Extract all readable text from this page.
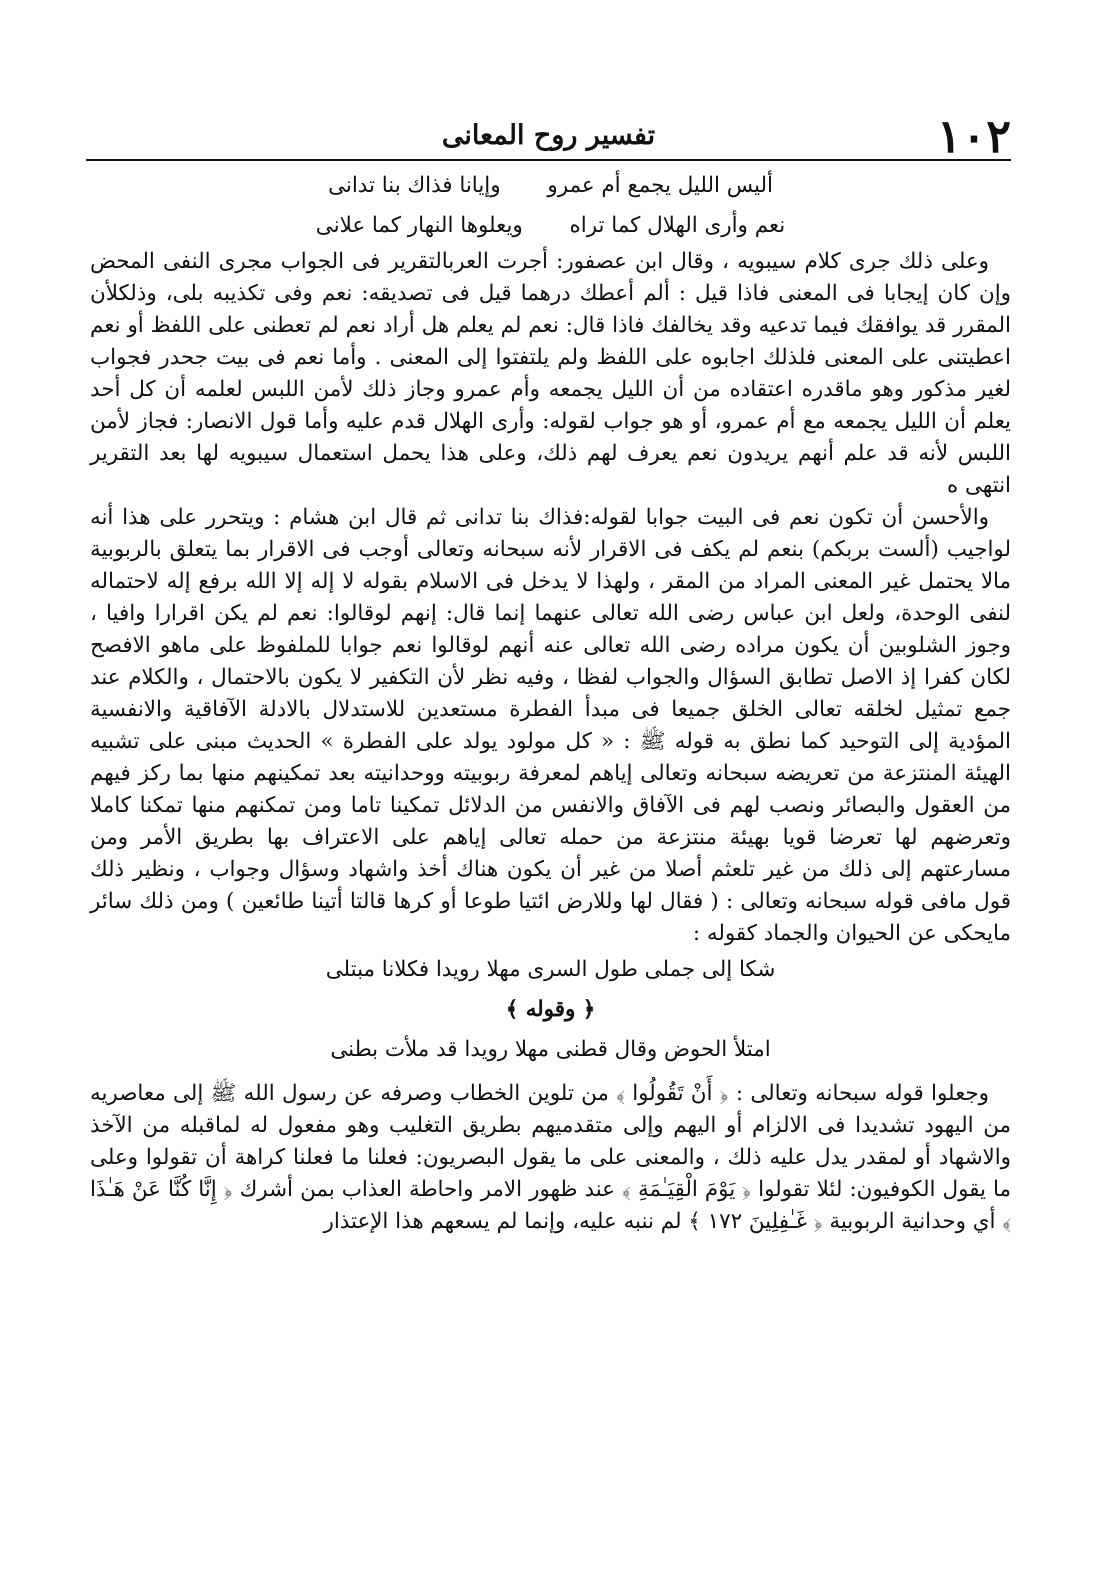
١٠٢
تفسير روح المعانى
أليس الليل يجمع أم عمرو وإيانا فذاك بنا تدانى
نعم وأرى الهلال كما تراه ويعلوها النهار كما علانى

وعلى ذلك جرى كلام سيبويه ، وقال ابن عصفور: أجرت العربالتقرير فى الجواب مجرى النفى المحض وإن كان إيجابا فى المعنى فاذا قيل : ألم أعطك درهما قيل فى تصديقه: نعم وفى تكذيبه بلى، وذلكلأن المقرر قد يوافقك فيما تدعيه وقد يخالفك فاذا قال: نعم لم يعلم هل أراد نعم لم تعطنى على اللفظ أو نعم اعطيتنى على المعنى فلذلك اجابوه على اللفظ ولم يلتفتوا إلى المعنى . وأما نعم فى بيت جحدر فجواب لغير مذكور وهو ماقدره اعتقاده من أن الليل يجمعه وأم عمرو وجاز ذلك لأمن اللبس لعلمه أن كل أحد يعلم أن الليل يجمعه مع أم عمرو، أو هو جواب لقوله: وأرى الهلال قدم عليه وأما قول الانصار: فجاز لأمن اللبس لأنه قد علم أنهم يريدون نعم يعرف لهم ذلك، وعلى هذا يحمل استعمال سيبويه لها بعد التقرير انتهى ه

والأحسن أن تكون نعم فى البيت جوابا لقوله:فذاك بنا تدانى ثم قال ابن هشام : ويتحرر على هذا أنه لواجيب (ألست بربكم) بنعم لم يكف فى الاقرار لأنه سبحانه وتعالى أوجب فى الاقرار بما يتعلق بالربوبية مالا يحتمل غير المعنى المراد من المقر ، ولهذا لا يدخل فى الاسلام بقوله لا إله إلا الله برفع إله لاحتماله لنفى الوحدة، ولعل ابن عباس رضى الله تعالى عنهما إنما قال: إنهم لوقالوا: نعم لم يكن اقرارا وافيا ، وجوز الشلوبين أن يكون مراده رضى الله تعالى عنه أنهم لوقالوا نعم جوابا للملفوظ على ماهو الافصح لكان كفرا إذ الاصل تطابق السؤال والجواب لفظا ، وفيه نظر لأن التكفير لا يكون بالاحتمال ، والكلام عند جمع تمثيل لخلقه تعالى الخلق جميعا فى مبدأ الفطرة مستعدين للاستدلال بالادلة الآفاقية والانفسية المؤدية إلى التوحيد كما نطق به قوله ﷺ : « كل مولود يولد على الفطرة » الحديث مبنى على تشبيه الهيئة المنتزعة من تعريضه سبحانه وتعالى إياهم لمعرفة ربوبيته ووحدانيته بعد تمكينهم منها بما ركز فيهم من العقول والبصائر ونصب لهم فى الآفاق والانفس من الدلائل تمكينا تاما ومن تمكنهم منها تمكنا كاملا وتعرضهم لها تعرضا قويا بهيئة منتزعة من حمله تعالى إياهم على الاعتراف بها بطريق الأمر ومن مسارعتهم إلى ذلك من غير تلعثم أصلا من غير أن يكون هناك أخذ واشهاد وسؤال وجواب ، ونظير ذلك قول مافى قوله سبحانه وتعالى : ( فقال لها وللارض ائتيا طوعا أو كرها قالتا أتينا طائعين ) ومن ذلك سائر مايحكى عن الحيوان والجماد كقوله :

شكا إلى جملى طول السرى مهلا رويدا فكلانا مبتلى
﴿ وقوله ﴾
امتلأ الحوض وقال قطنى مهلا رويدا قد ملأت بطنى

وجعلوا قوله سبحانه وتعالى : ﴿ أَنْ تَقُولُوا ﴾ من تلوين الخطاب وصرفه عن رسول الله ﷺ إلى معاصريه من اليهود تشديدا فى الالزام أو اليهم وإلى متقدميهم بطريق التغليب وهو مفعول له لماقبله من الآخذ والاشهاد أو لمقدر يدل عليه ذلك ، والمعنى على ما يقول البصريون: فعلنا ما فعلنا كراهة أن تقولوا وعلى ما يقول الكوفيون: لئلا تقولوا ﴿ يَوْمَ الْقِيَـٰمَةِ ﴾ عند ظهور الامر واحاطة العذاب بمن أشرك ﴿ إِنَّا كُنَّا عَنْ هَـٰذَا ﴾ أي وحدانية الربوبية ﴿ غَـٰفِلِينَ ١٧٢ ﴾ لم ننبه عليه، وإنما لم يسعهم هذا الإعتذار
